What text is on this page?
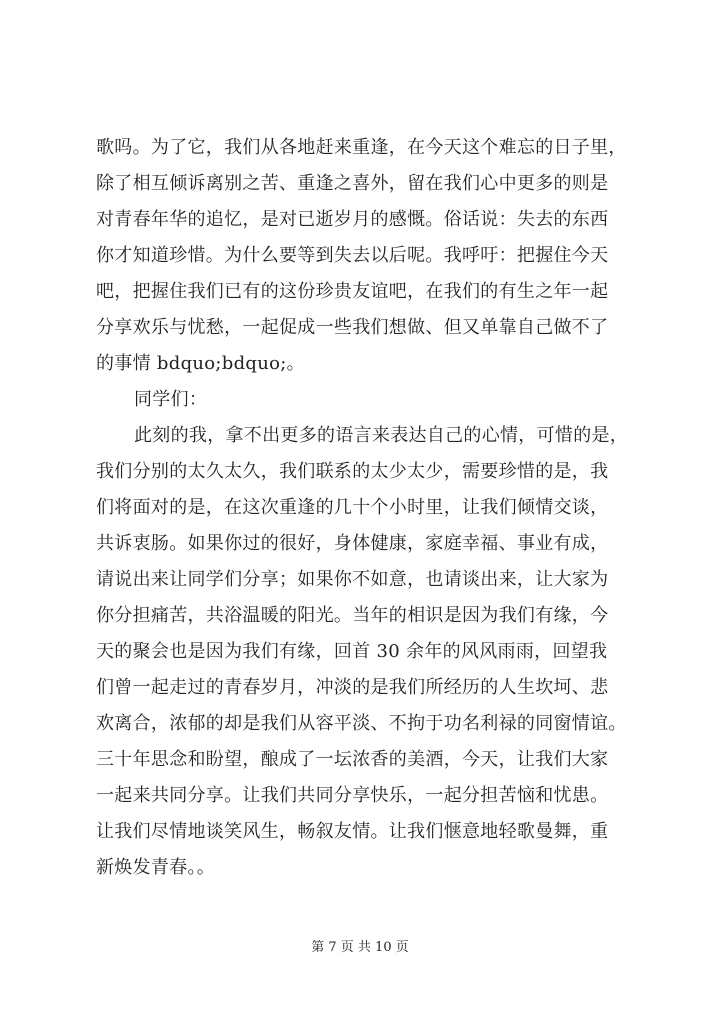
歌吗。为了它，我们从各地赶来重逢，在今天这个难忘的日子里，
除了相互倾诉离别之苦、重逢之喜外，留在我们心中更多的则是
对青春年华的追忆，是对已逝岁月的感慨。俗话说：失去的东西
你才知道珍惜。为什么要等到失去以后呢。我呼吁：把握住今天
吧，把握住我们已有的这份珍贵友谊吧，在我们的有生之年一起
分享欢乐与忧愁，一起促成一些我们想做、但又单靠自己做不了
的事情 bdquo;bdquo;。
同学们：
此刻的我，拿不出更多的语言来表达自己的心情，可惜的是，
我们分别的太久太久，我们联系的太少太少，需要珍惜的是，我
们将面对的是，在这次重逢的几十个小时里，让我们倾情交谈，
共诉衷肠。如果你过的很好，身体健康，家庭幸福、事业有成，
请说出来让同学们分享；如果你不如意，也请谈出来，让大家为
你分担痛苦，共浴温暖的阳光。当年的相识是因为我们有缘，今
天的聚会也是因为我们有缘，回首 30 余年的风风雨雨，回望我
们曾一起走过的青春岁月，冲淡的是我们所经历的人生坎坷、悲
欢离合，浓郁的却是我们从容平淡、不拘于功名利禄的同窗情谊。
三十年思念和盼望，酿成了一坛浓香的美酒，今天，让我们大家
一起来共同分享。让我们共同分享快乐，一起分担苦恼和忧患。
让我们尽情地谈笑风生，畅叙友情。让我们惬意地轻歌曼舞，重
新焕发青春。。
第 7 页 共 10 页
